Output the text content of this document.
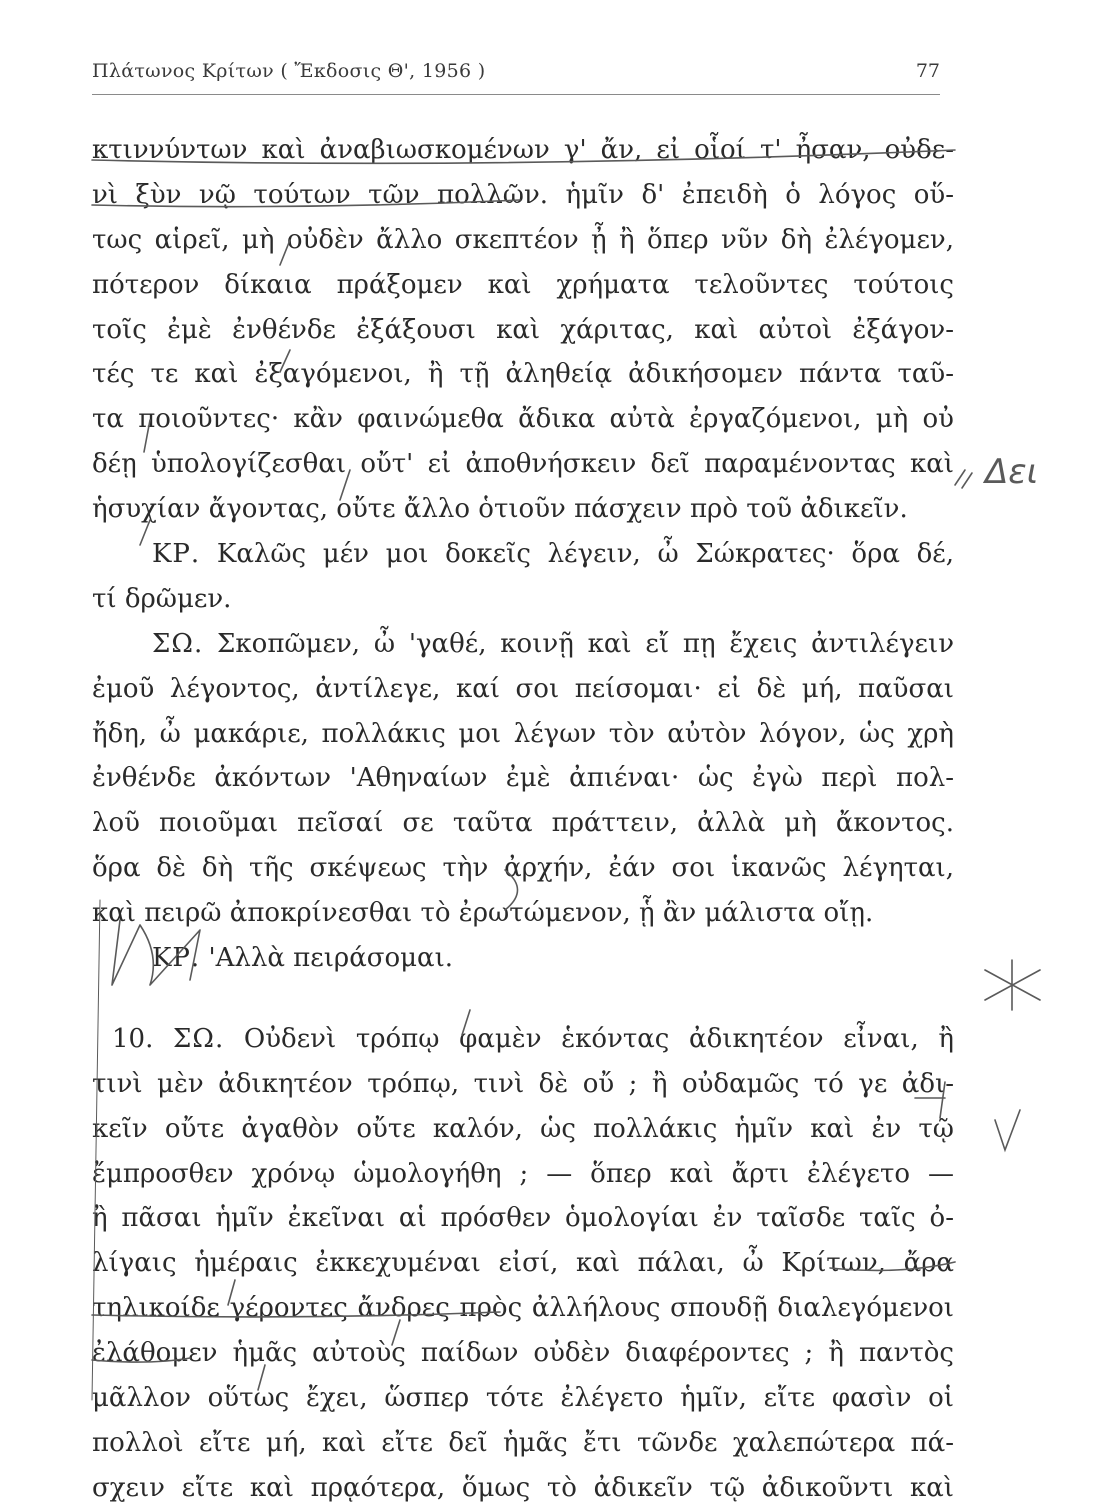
Πλάτωνος Κρίτων ( Ἔκδοσις Θ', 1956 )	77
κτιννύντων καὶ ἀναβιωσκομένων γ' ἄν, εἰ οἷοί τ' ἦσαν, οὐδε-
νὶ ξὺν νῷ τούτων τῶν πολλῶν. ἡμῖν δ' ἐπειδὴ ὁ λόγος οὕ-
τως αἱρεῖ, μὴ οὐδὲν ἄλλο σκεπτέον ᾖ ἢ ὅπερ νῦν δὴ ἐλέγομεν,
πότερον δίκαια πράξομεν καὶ χρήματα τελοῦντες τούτοις
τοῖς ἐμὲ ἐνθένδε ἐξάξουσι καὶ χάριτας, καὶ αὐτοὶ ἐξάγον-
τές τε καὶ ἐξαγόμενοι, ἢ τῇ ἀληθείᾳ ἀδικήσομεν πάντα ταῦ-
τα ποιοῦντες· κἂν φαινώμεθα ἄδικα αὐτὰ ἐργαζόμενοι, μὴ οὐ
δέῃ ὑπολογίζεσθαι οὔτ' εἰ ἀποθνήσκειν δεῖ παραμένοντας καὶ
ἡσυχίαν ἄγοντας, οὔτε ἄλλο ὁτιοῦν πάσχειν πρὸ τοῦ ἀδικεῖν.
ΚΡ. Καλῶς μέν μοι δοκεῖς λέγειν, ὦ Σώκρατες· ὅρα δέ,
τί δρῶμεν.
ΣΩ. Σκοπῶμεν, ὦ 'γαθέ, κοινῇ καὶ εἴ πῃ ἔχεις ἀντιλέγειν
ἐμοῦ λέγοντος, ἀντίλεγε, καί σοι πείσομαι· εἰ δὲ μή, παῦσαι
ἤδη, ὦ μακάριε, πολλάκις μοι λέγων τὸν αὐτὸν λόγον, ὡς χρὴ
ἐνθένδε ἀκόντων 'Αθηναίων ἐμὲ ἀπιέναι· ὡς ἐγὼ περὶ πολ-
λοῦ ποιοῦμαι πεῖσαί σε ταῦτα πράττειν, ἀλλὰ μὴ ἄκοντος.
ὅρα δὲ δὴ τῆς σκέψεως τὴν ἀρχήν, ἐάν σοι ἱκανῶς λέγηται,
καὶ πειρῶ ἀποκρίνεσθαι τὸ ἐρωτώμενον, ᾗ ἂν μάλιστα οἴῃ.
ΚΡ. 'Αλλὰ πειράσομαι.
10. ΣΩ. Οὐδενὶ τρόπῳ φαμὲν ἑκόντας ἀδικητέον εἶναι, ἢ
τινὶ μὲν ἀδικητέον τρόπῳ, τινὶ δὲ οὔ ; ἢ οὐδαμῶς τό γε ἀδι-
κεῖν οὔτε ἀγαθὸν οὔτε καλόν, ὡς πολλάκις ἡμῖν καὶ ἐν τῷ
ἔμπροσθεν χρόνῳ ὡμολογήθη ; — ὅπερ καὶ ἄρτι ἐλέγετο —
ἢ πᾶσαι ἡμῖν ἐκεῖναι αἱ πρόσθεν ὁμολογίαι ἐν ταῖσδε ταῖς ὀ-
λίγαις ἡμέραις ἐκκεχυμέναι εἰσί, καὶ πάλαι, ὦ Κρίτων, ἄρα
τηλικοίδε γέροντες ἄνδρες πρὸς ἀλλήλους σπουδῇ διαλεγόμενοι
ἐλάθομεν ἡμᾶς αὐτοὺς παίδων οὐδὲν διαφέροντες ; ἢ παντὸς
μᾶλλον οὕτως ἔχει, ὥσπερ τότε ἐλέγετο ἡμῖν, εἴτε φασὶν οἱ
πολλοὶ εἴτε μή, καὶ εἴτε δεῖ ἡμᾶς ἔτι τῶνδε χαλεπώτερα πά-
σχειν εἴτε καὶ πρᾳότερα, ὅμως τὸ ἀδικεῖν τῷ ἀδικοῦντι καὶ
Δει
